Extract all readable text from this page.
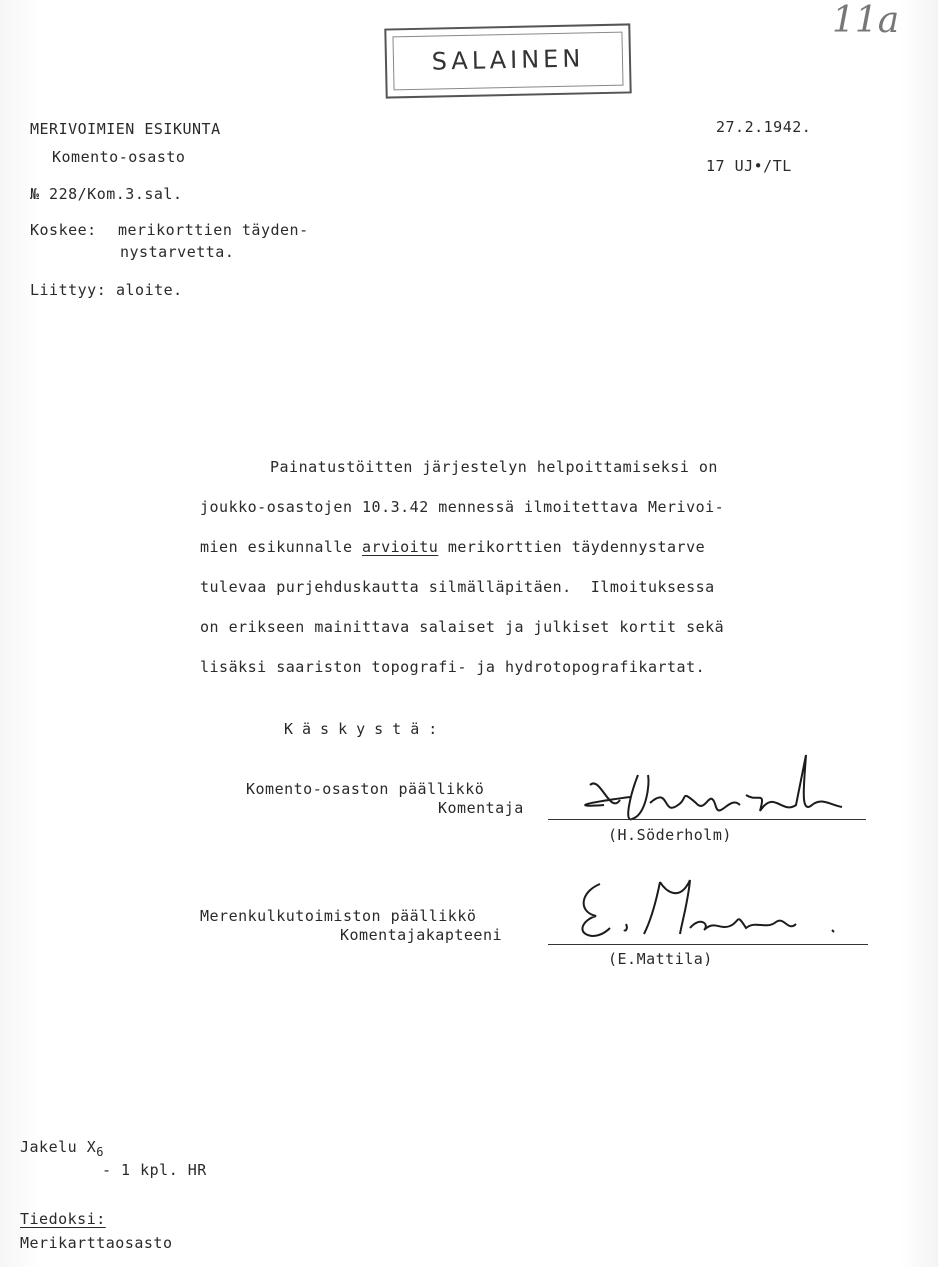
11a
SALAINEN
MERIVOIMIEN ESIKUNTA
Komento-osasto
№ 228/Kom.3.sal.
27.2.1942.
17 UJ•/TL
Koskee: merikorttien täyden-
nystarvetta.
Liittyy: aloite.
Painatustöitten järjestelyn helpoittamiseksi on
joukko-osastojen 10.3.42 mennessä ilmoitettava Merivoi-
mien esikunnalle arvioitu merikorttien täydennystarve
tulevaa purjehduskautta silmälläpitäen.  Ilmoituksessa
on erikseen mainittava salaiset ja julkiset kortit sekä
lisäksi saariston topografi- ja hydrotopografikartat.
Käskystä:
Komento-osaston päällikkö
Komentaja
H. Söderholm
(H.Söderholm)
Merenkulkutoimiston päällikkö
Komentajakapteeni
E. Mattila
(E.Mattila)
Jakelu $X_6$
- 1 kpl. HR
Tiedoksi:
Merikarttaosasto
